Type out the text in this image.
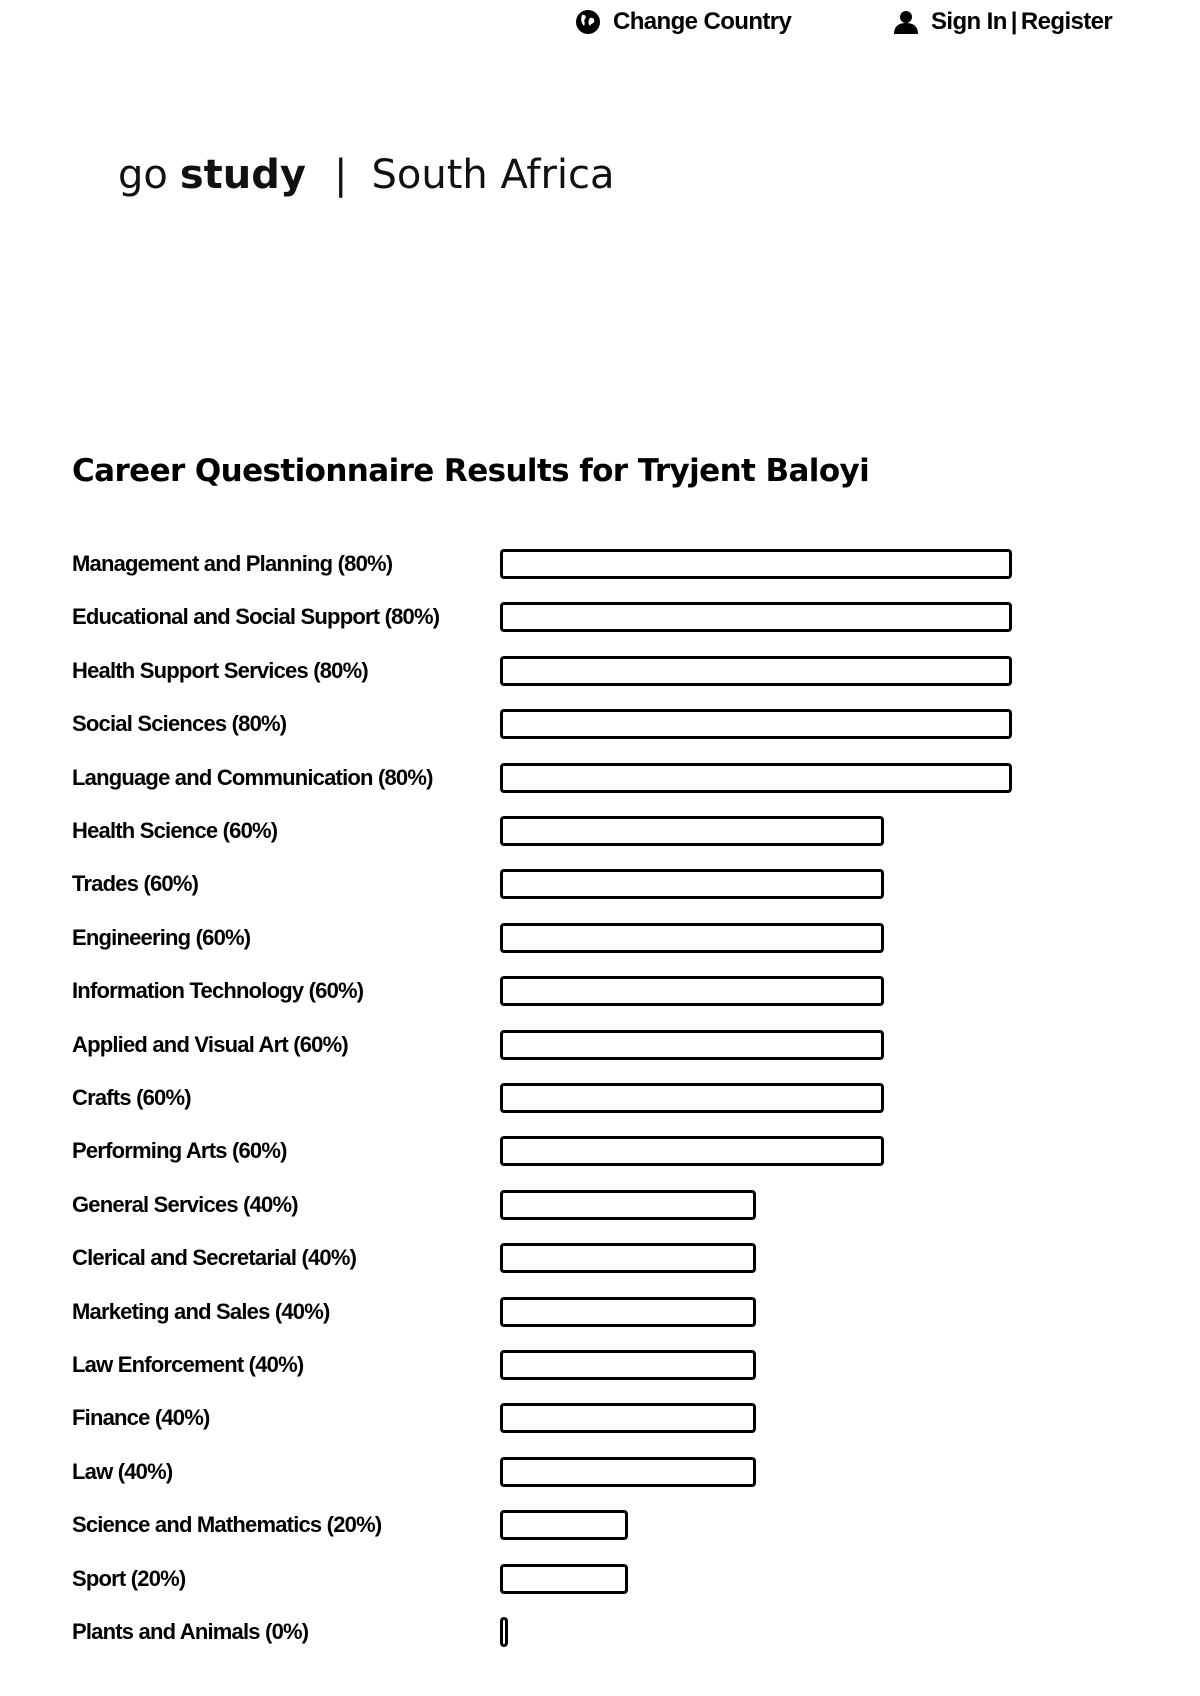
Change Country	Sign In | Register
go study | South Africa
Career Questionnaire Results for Tryjent Baloyi
Management and Planning (80%)
Educational and Social Support (80%)
Health Support Services (80%)
Social Sciences (80%)
Language and Communication (80%)
Health Science (60%)
Trades (60%)
Engineering (60%)
Information Technology (60%)
Applied and Visual Art (60%)
Crafts (60%)
Performing Arts (60%)
General Services (40%)
Clerical and Secretarial (40%)
Marketing and Sales (40%)
Law Enforcement (40%)
Finance (40%)
Law (40%)
Science and Mathematics (20%)
Sport (20%)
Plants and Animals (0%)
